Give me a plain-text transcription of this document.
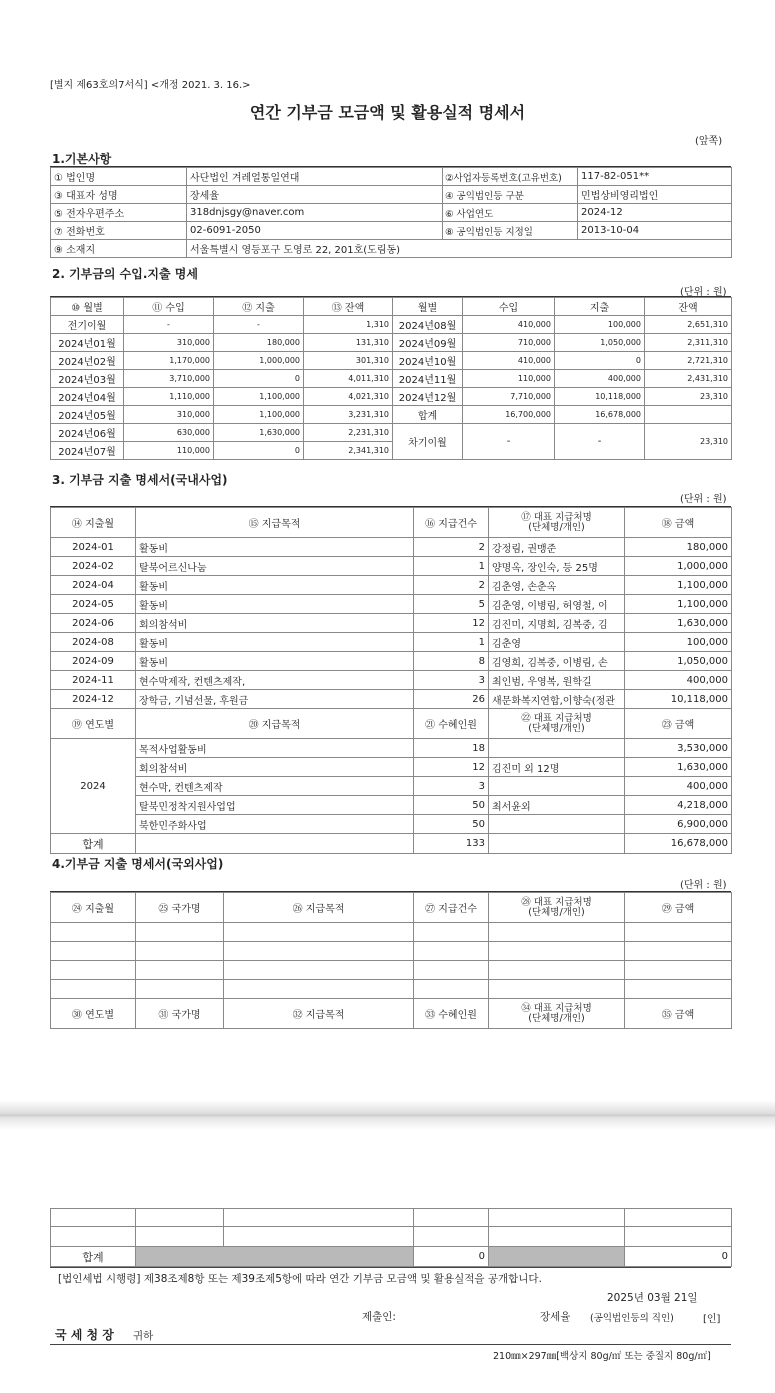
[별지 제63호의7서식] <개정 2021. 3. 16.>
연간 기부금 모금액 및 활용실적 명세서
(앞쪽)
1.기본사항
① 법인명	사단법인 겨레얼통일연대	②사업자등록번호(고유번호)	117-82-051**
③ 대표자 성명	장세율	④ 공익법인등 구분	민법상비영리법인
⑤ 전자우편주소	318dnjsgy@naver.com	⑥ 사업연도	2024-12
⑦ 전화번호	02-6091-2050	⑧ 공익법인등 지정일	2013-10-04
⑨ 소재지	서울특별시 영등포구 도영로 22, 201호(도림동)		
2. 기부금의 수입.지출 명세
(단위 : 원)
⑩ 월별	⑪ 수입	⑫ 지출	⑬ 잔액	월별	수입	지출	잔액
전기이월	-	-	1,310	2024년08월	410,000	100,000	2,651,310
2024년01월	310,000	180,000	131,310	2024년09월	710,000	1,050,000	2,311,310
2024년02월	1,170,000	1,000,000	301,310	2024년10월	410,000	0	2,721,310
2024년03월	3,710,000	0	4,011,310	2024년11월	110,000	400,000	2,431,310
2024년04월	1,110,000	1,100,000	4,021,310	2024년12월	7,710,000	10,118,000	23,310
2024년05월	310,000	1,100,000	3,231,310	합계	16,700,000	16,678,000	
2024년06월	630,000	1,630,000	2,231,310	차기이월	-	-	23,310
2024년07월	110,000	0	2,341,310				
3. 기부금 지출 명세서(국내사업)
(단위 : 원)
⑭ 지출월	⑮ 지급목적	⑯ 지급건수	⑰ 대표 지급처명
(단체명/개인)	⑱ 금액
2024-01	활동비	2	강정림, 권맹준	180,000
2024-02	탈북어르신나눔	1	양명옥, 장인숙, 등 25명	1,000,000
2024-04	활동비	2	김춘영, 손춘옥	1,100,000
2024-05	활동비	5	김춘영, 이병림, 허영철, 이	1,100,000
2024-06	회의참석비	12	김진미, 지명희, 김복중, 김	1,630,000
2024-08	활동비	1	김춘영	100,000
2024-09	활동비	8	김영희, 김복중, 이병림, 손	1,050,000
2024-11	현수막제작, 컨텐츠제작,	3	최인범, 우영복, 원학길	400,000
2024-12	장학금, 기념선물, 후원금	26	새문화복지연합,이향숙(정관	10,118,000
⑲ 연도별	⑳ 지급목적	㉑ 수혜인원	㉒ 대표 지급처명
(단체명/개인)	㉓ 금액
2024	목적사업활동비	18		3,530,000
	회의참석비	12	김진미 외 12명	1,630,000
	현수막, 컨텐츠제작	3		400,000
	탈북민정착지원사업업	50	최서윤외	4,218,000
	북한민주화사업	50		6,900,000
합계		133		16,678,000
4.기부금 지출 명세서(국외사업)
(단위 : 원)
㉔ 지출월	㉕ 국가명	㉖ 지급목적	㉗ 지급건수	㉘ 대표 지급처명
(단체명/개인)	㉙ 금액

㉚ 연도별	㉛ 국가명	㉜ 지급목적	㉝ 수혜인원	㉞ 대표 지급처명
(단체명/개인)	㉟ 금액

합계			0		0
[법인세법 시행령] 제38조제8항 또는 제39조제5항에 따라 연간 기부금 모금액 및 활용실적을 공개합니다.
2025년 03월 21일
제출인:	장세율 (공익법인등의 직인)	[인]
국 세 청 장 귀하
210㎜×297㎜[백상지 80g/㎡ 또는 중질지 80g/㎡]
